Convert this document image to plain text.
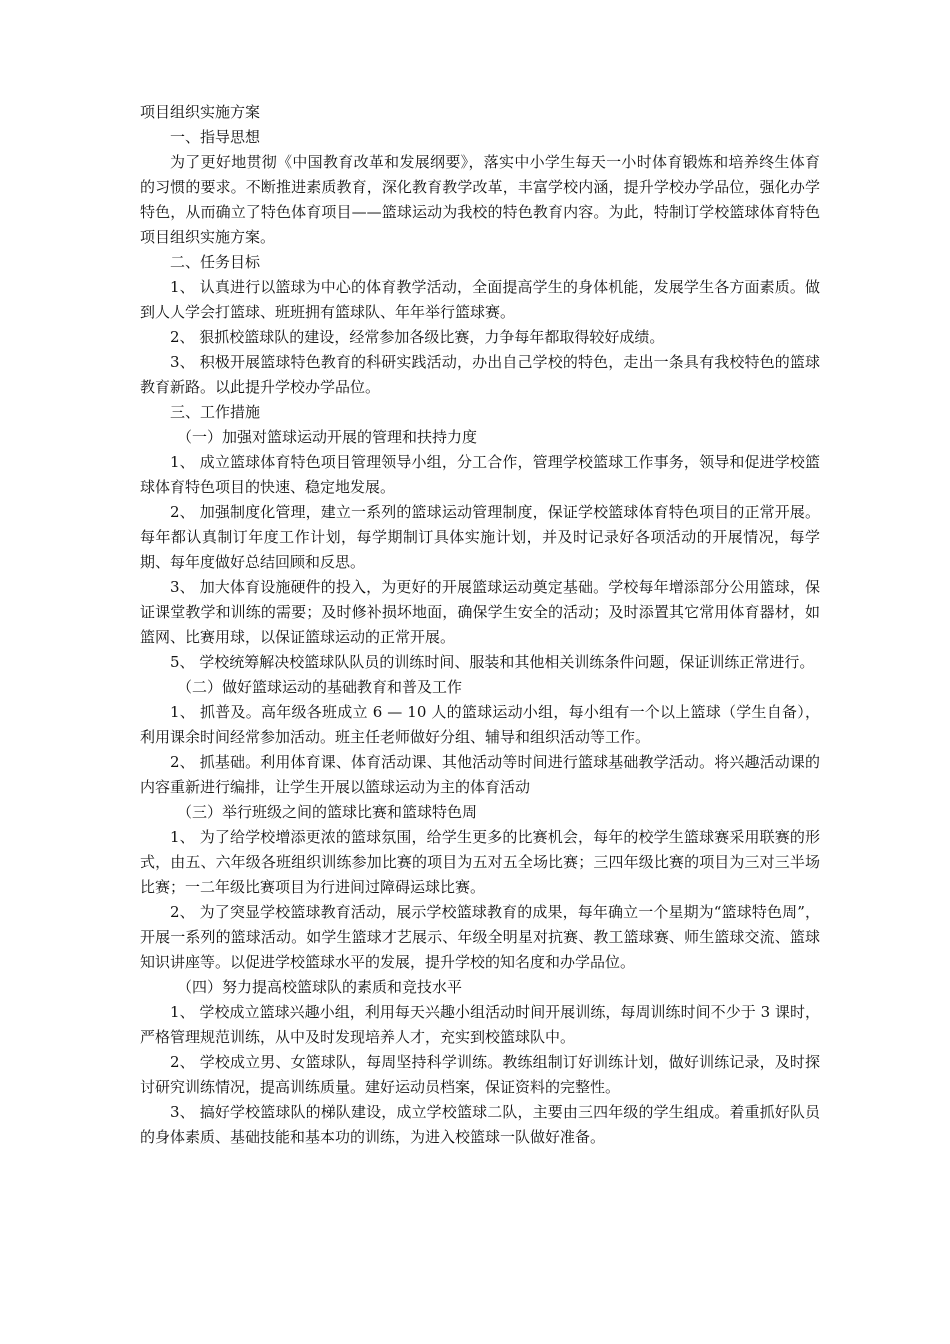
项目组织实施方案

一、指导思想

为了更好地贯彻《中国教育改革和发展纲要》，落实中小学生每天一小时体育锻炼和培养终生体育的习惯的要求。不断推进素质教育，深化教育教学改革，丰富学校内涵，提升学校办学品位，强化办学特色，从而确立了特色体育项目——篮球运动为我校的特色教育内容。为此，特制订学校篮球体育特色项目组织实施方案。

二、任务目标

1、 认真进行以篮球为中心的体育教学活动，全面提高学生的身体机能，发展学生各方面素质。做到人人学会打篮球、班班拥有篮球队、年年举行篮球赛。

2、 狠抓校篮球队的建设，经常参加各级比赛，力争每年都取得较好成绩。

3、 积极开展篮球特色教育的科研实践活动，办出自己学校的特色，走出一条具有我校特色的篮球教育新路。以此提升学校办学品位。

三、工作措施

（一）加强对篮球运动开展的管理和扶持力度

1、 成立篮球体育特色项目管理领导小组，分工合作，管理学校篮球工作事务，领导和促进学校篮球体育特色项目的快速、稳定地发展。

2、 加强制度化管理，建立一系列的篮球运动管理制度，保证学校篮球体育特色项目的正常开展。每年都认真制订年度工作计划，每学期制订具体实施计划，并及时记录好各项活动的开展情况，每学期、每年度做好总结回顾和反思。

3、 加大体育设施硬件的投入，为更好的开展篮球运动奠定基础。学校每年增添部分公用篮球，保证课堂教学和训练的需要；及时修补损坏地面，确保学生安全的活动；及时添置其它常用体育器材，如篮网、比赛用球，以保证篮球运动的正常开展。

5、 学校统筹解决校篮球队队员的训练时间、服装和其他相关训练条件问题，保证训练正常进行。

（二）做好篮球运动的基础教育和普及工作

1、 抓普及。高年级各班成立 6 — 10 人的篮球运动小组，每小组有一个以上篮球（学生自备），利用课余时间经常参加活动。班主任老师做好分组、辅导和组织活动等工作。

2、 抓基础。利用体育课、体育活动课、其他活动等时间进行篮球基础教学活动。将兴趣活动课的内容重新进行编排，让学生开展以篮球运动为主的体育活动

（三）举行班级之间的篮球比赛和篮球特色周

1、 为了给学校增添更浓的篮球氛围，给学生更多的比赛机会，每年的校学生篮球赛采用联赛的形式，由五、六年级各班组织训练参加比赛的项目为五对五全场比赛；三四年级比赛的项目为三对三半场比赛；一二年级比赛项目为行进间过障碍运球比赛。

2、 为了突显学校篮球教育活动，展示学校篮球教育的成果，每年确立一个星期为“篮球特色周”，开展一系列的篮球活动。如学生篮球才艺展示、年级全明星对抗赛、教工篮球赛、师生篮球交流、篮球知识讲座等。以促进学校篮球水平的发展，提升学校的知名度和办学品位。

（四）努力提高校篮球队的素质和竞技水平

1、 学校成立篮球兴趣小组，利用每天兴趣小组活动时间开展训练，每周训练时间不少于 3 课时，严格管理规范训练，从中及时发现培养人才，充实到校篮球队中。

2、 学校成立男、女篮球队，每周坚持科学训练。教练组制订好训练计划，做好训练记录，及时探讨研究训练情况，提高训练质量。建好运动员档案，保证资料的完整性。

3、 搞好学校篮球队的梯队建设，成立学校篮球二队，主要由三四年级的学生组成。着重抓好队员的身体素质、基础技能和基本功的训练，为进入校篮球一队做好准备。
